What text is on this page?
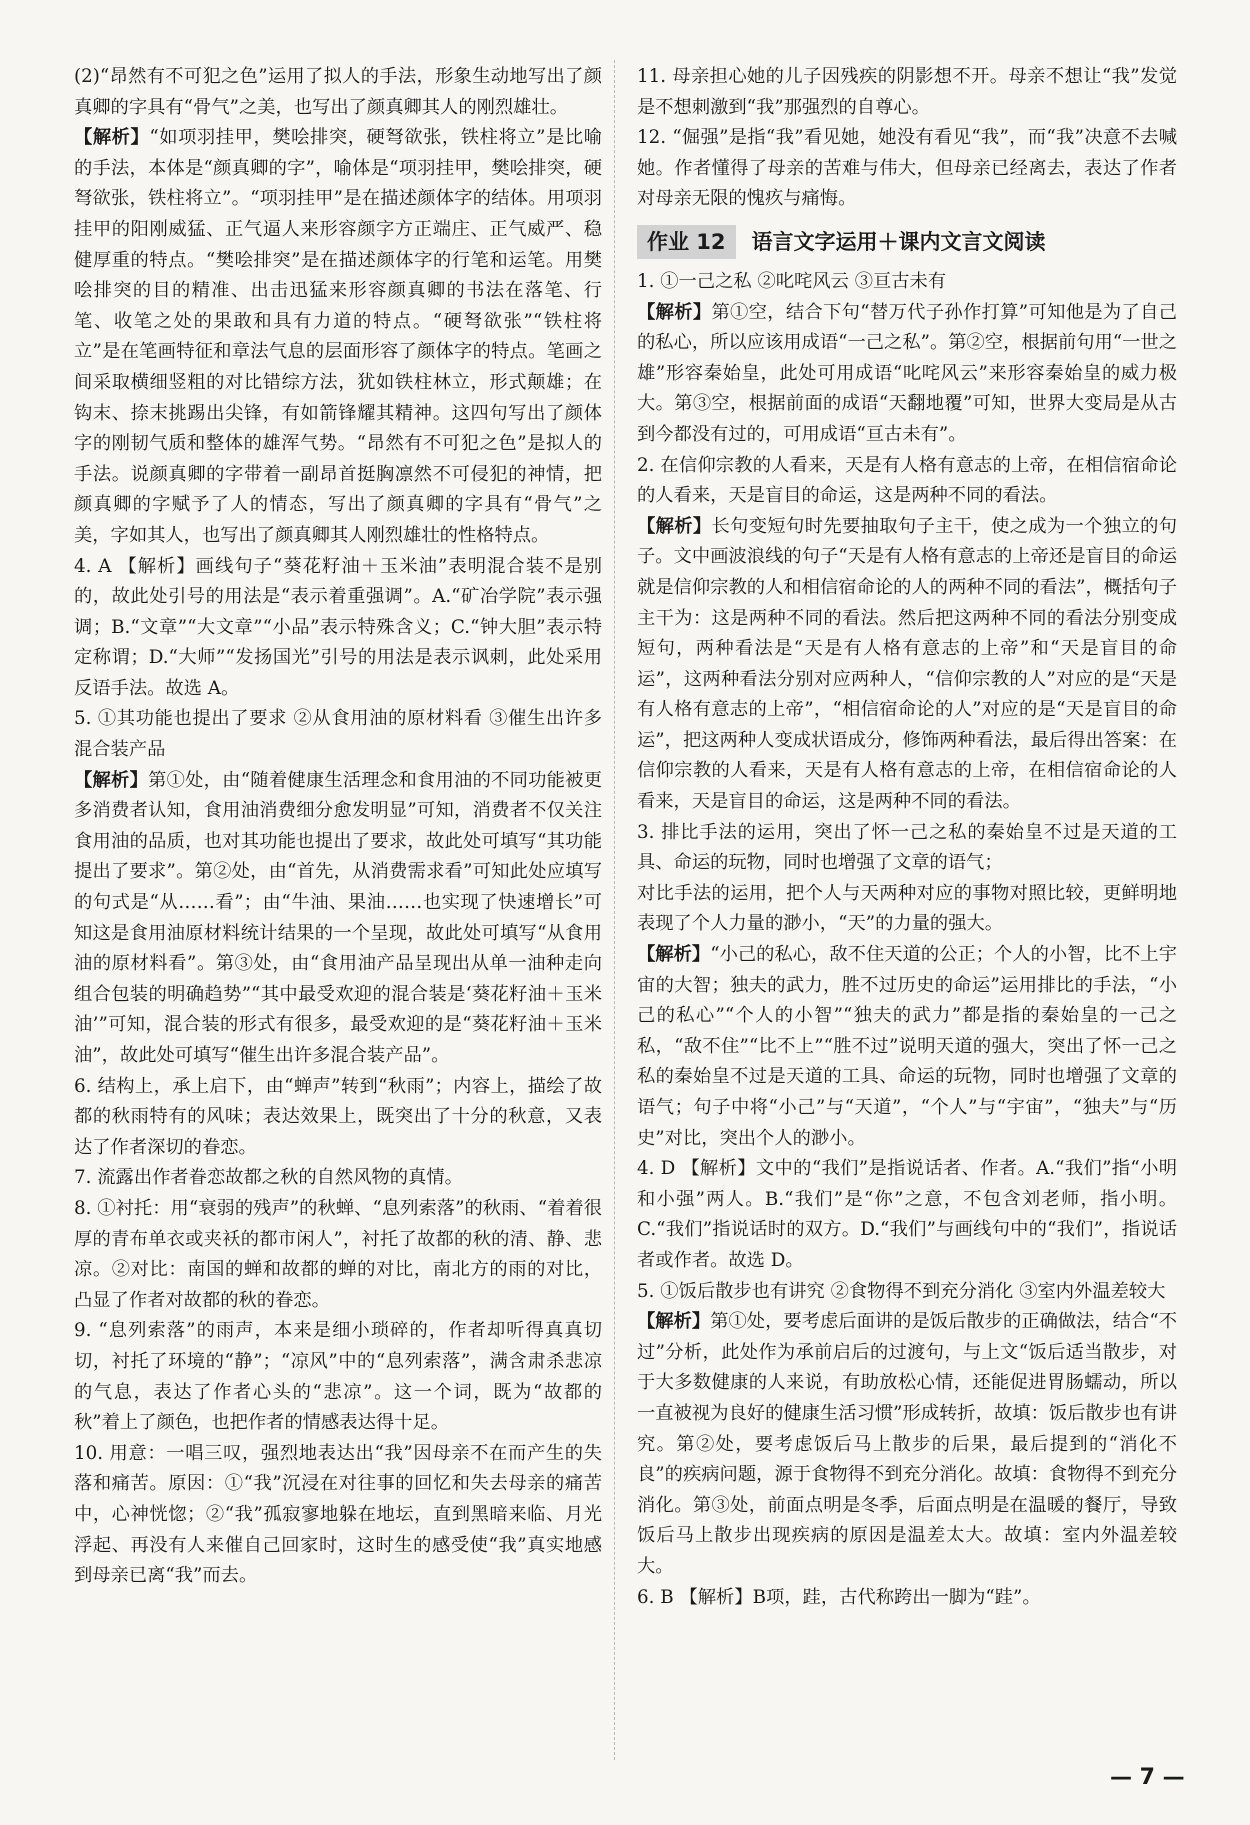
(2)“昂然有不可犯之色”运用了拟人的手法，形象生动地写出了颜真卿的字具有“骨气”之美，也写出了颜真卿其人的刚烈雄壮。

【解析】“如项羽挂甲，樊哙排突，硬弩欲张，铁柱将立”是比喻的手法，本体是“颜真卿的字”，喻体是“项羽挂甲，樊哙排突，硬弩欲张，铁柱将立”。“项羽挂甲”是在描述颜体字的结体。用项羽挂甲的阳刚威猛、正气逼人来形容颜字方正端庄、正气威严、稳健厚重的特点。“樊哙排突”是在描述颜体字的行笔和运笔。用樊哙排突的目的精准、出击迅猛来形容颜真卿的书法在落笔、行笔、收笔之处的果敢和具有力道的特点。“硬弩欲张”“铁柱将立”是在笔画特征和章法气息的层面形容了颜体字的特点。笔画之间采取横细竖粗的对比错综方法，犹如铁柱林立，形式颠雄；在钩末、捺末挑踢出尖锋，有如箭锋耀其精神。这四句写出了颜体字的刚韧气质和整体的雄浑气势。“昂然有不可犯之色”是拟人的手法。说颜真卿的字带着一副昂首挺胸凛然不可侵犯的神情，把颜真卿的字赋予了人的情态，写出了颜真卿的字具有“骨气”之美，字如其人，也写出了颜真卿其人刚烈雄壮的性格特点。

4. A 【解析】画线句子“葵花籽油＋玉米油”表明混合装不是别的，故此处引号的用法是“表示着重强调”。A.“矿冶学院”表示强调；B.“文章”“大文章”“小品”表示特殊含义；C.“钟大胆”表示特定称谓；D.“大师”“发扬国光”引号的用法是表示讽刺，此处采用反语手法。故选 A。

5. ①其功能也提出了要求 ②从食用油的原材料看 ③催生出许多混合装产品

【解析】第①处，由“随着健康生活理念和食用油的不同功能被更多消费者认知，食用油消费细分愈发明显”可知，消费者不仅关注食用油的品质，也对其功能也提出了要求，故此处可填写“其功能提出了要求”。第②处，由“首先，从消费需求看”可知此处应填写的句式是“从……看”；由“牛油、果油……也实现了快速增长”可知这是食用油原材料统计结果的一个呈现，故此处可填写“从食用油的原材料看”。第③处，由“食用油产品呈现出从单一油种走向组合包装的明确趋势”“其中最受欢迎的混合装是‘葵花籽油＋玉米油’”可知，混合装的形式有很多，最受欢迎的是“葵花籽油＋玉米油”，故此处可填写“催生出许多混合装产品”。

6. 结构上，承上启下，由“蝉声”转到“秋雨”；内容上，描绘了故都的秋雨特有的风味；表达效果上，既突出了十分的秋意，又表达了作者深切的眷恋。

7. 流露出作者眷恋故都之秋的自然风物的真情。

8. ①衬托：用“衰弱的残声”的秋蝉、“息列索落”的秋雨、“着着很厚的青布单衣或夹袄的都市闲人”，衬托了故都的秋的清、静、悲凉。②对比：南国的蝉和故都的蝉的对比，南北方的雨的对比，凸显了作者对故都的秋的眷恋。

9. “息列索落”的雨声，本来是细小琐碎的，作者却听得真真切切，衬托了环境的“静”；“凉风”中的“息列索落”，满含肃杀悲凉的气息，表达了作者心头的“悲凉”。这一个词，既为“故都的秋”着上了颜色，也把作者的情感表达得十足。

10. 用意：一唱三叹，强烈地表达出“我”因母亲不在而产生的失落和痛苦。原因：①“我”沉浸在对往事的回忆和失去母亲的痛苦中，心神恍惚；②“我”孤寂寥地躲在地坛，直到黑暗来临、月光浮起、再没有人来催自己回家时，这时生的感受使“我”真实地感到母亲已离“我”而去。

11. 母亲担心她的儿子因残疾的阴影想不开。母亲不想让“我”发觉是不想刺激到“我”那强烈的自尊心。

12. “倔强”是指“我”看见她，她没有看见“我”，而“我”决意不去喊她。作者懂得了母亲的苦难与伟大，但母亲已经离去，表达了作者对母亲无限的愧疚与痛悔。

作业 12	语言文字运用＋课内文言文阅读

1. ①一己之私 ②叱咤风云 ③亘古未有

【解析】第①空，结合下句“替万代子孙作打算”可知他是为了自己的私心，所以应该用成语“一己之私”。第②空，根据前句用“一世之雄”形容秦始皇，此处可用成语“叱咤风云”来形容秦始皇的威力极大。第③空，根据前面的成语“天翻地覆”可知，世界大变局是从古到今都没有过的，可用成语“亘古未有”。

2. 在信仰宗教的人看来，天是有人格有意志的上帝，在相信宿命论的人看来，天是盲目的命运，这是两种不同的看法。

【解析】长句变短句时先要抽取句子主干，使之成为一个独立的句子。文中画波浪线的句子“天是有人格有意志的上帝还是盲目的命运就是信仰宗教的人和相信宿命论的人的两种不同的看法”，概括句子主干为：这是两种不同的看法。然后把这两种不同的看法分别变成短句，两种看法是“天是有人格有意志的上帝”和“天是盲目的命运”，这两种看法分别对应两种人，“信仰宗教的人”对应的是“天是有人格有意志的上帝”，“相信宿命论的人”对应的是“天是盲目的命运”，把这两种人变成状语成分，修饰两种看法，最后得出答案：在信仰宗教的人看来，天是有人格有意志的上帝，在相信宿命论的人看来，天是盲目的命运，这是两种不同的看法。

3. 排比手法的运用，突出了怀一己之私的秦始皇不过是天道的工具、命运的玩物，同时也增强了文章的语气；

对比手法的运用，把个人与天两种对应的事物对照比较，更鲜明地表现了个人力量的渺小，“天”的力量的强大。

【解析】“小己的私心，敌不住天道的公正；个人的小智，比不上宇宙的大智；独夫的武力，胜不过历史的命运”运用排比的手法，“小己的私心”“个人的小智”“独夫的武力”都是指的秦始皇的一己之私，“敌不住”“比不上”“胜不过”说明天道的强大，突出了怀一己之私的秦始皇不过是天道的工具、命运的玩物，同时也增强了文章的语气；句子中将“小己”与“天道”，“个人”与“宇宙”，“独夫”与“历史”对比，突出个人的渺小。

4. D 【解析】文中的“我们”是指说话者、作者。A.“我们”指“小明和小强”两人。B.“我们”是“你”之意，不包含刘老师，指小明。C.“我们”指说话时的双方。D.“我们”与画线句中的“我们”，指说话者或作者。故选 D。

5. ①饭后散步也有讲究 ②食物得不到充分消化 ③室内外温差较大

【解析】第①处，要考虑后面讲的是饭后散步的正确做法，结合“不过”分析，此处作为承前启后的过渡句，与上文“饭后适当散步，对于大多数健康的人来说，有助放松心情，还能促进胃肠蠕动，所以一直被视为良好的健康生活习惯”形成转折，故填：饭后散步也有讲究。第②处，要考虑饭后马上散步的后果，最后提到的“消化不良”的疾病问题，源于食物得不到充分消化。故填：食物得不到充分消化。第③处，前面点明是冬季，后面点明是在温暖的餐厅，导致饭后马上散步出现疾病的原因是温差太大。故填：室内外温差较大。

6. B 【解析】B项，跬，古代称跨出一脚为“跬”。

— 7 —
